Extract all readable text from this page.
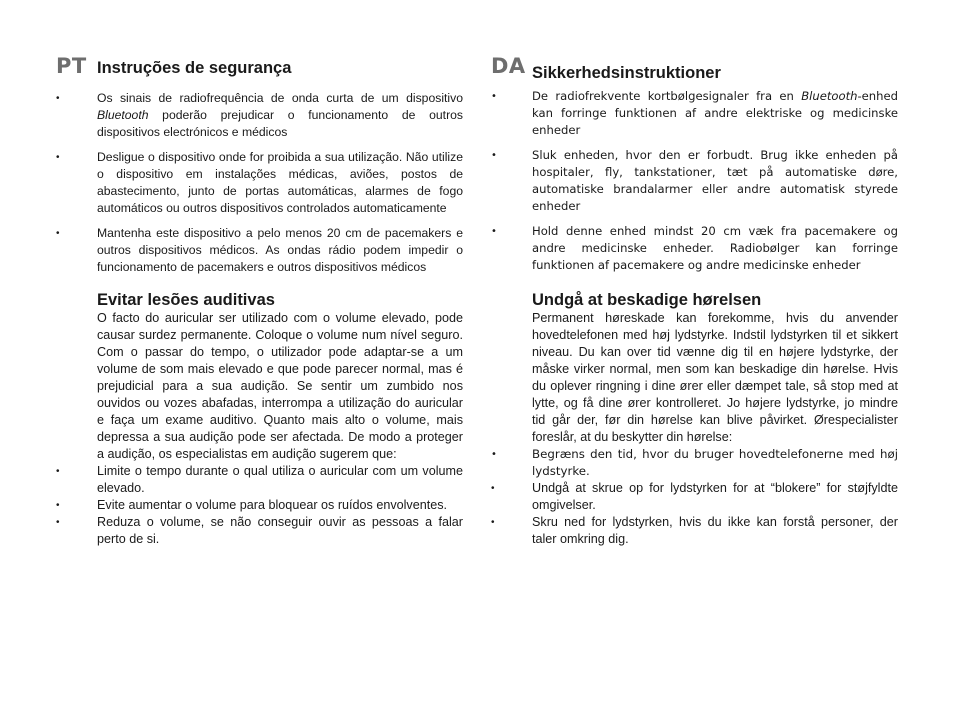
PT Instruções de segurança
•	Os sinais de radiofrequência de onda curta de um dispositivo Bluetooth poderão prejudicar o funcionamento de outros dispositivos electrónicos e médicos
•	Desligue o dispositivo onde for proibida a sua utilização. Não utilize o dispositivo em instalações médicas, aviões, postos de abastecimento, junto de portas automáticas, alarmes de fogo automáticos ou outros dispositivos controlados automaticamente
•	Mantenha este dispositivo a pelo menos 20 cm de pacemakers e outros dispositivos médicos. As ondas rádio podem impedir o funcionamento de pacemakers e outros dispositivos médicos
Evitar lesões auditivas
O facto do auricular ser utilizado com o volume elevado, pode causar surdez permanente. Coloque o volume num nível seguro. Com o passar do tempo, o utilizador pode adaptar-se a um volume de som mais elevado e que pode parecer normal, mas é prejudicial para a sua audição. Se sentir um zumbido nos ouvidos ou vozes abafadas, interrompa a utilização do auricular e faça um exame auditivo. Quanto mais alto o volume, mais depressa a sua audição pode ser afectada. De modo a proteger a audição, os especialistas em audição sugerem que:
•	Limite o tempo durante o qual utiliza o auricular com um volume elevado.
•	Evite aumentar o volume para bloquear os ruídos envolventes.
•	Reduza o volume, se não conseguir ouvir as pessoas a falar perto de si.
DA Sikkerhedsinstruktioner
•	De radiofrekvente kortbølgesignaler fra en Bluetooth-enhed kan forringe funktionen af andre elektriske og medicinske enheder
•	Sluk enheden, hvor den er forbudt. Brug ikke enheden på hospitaler, fly, tankstationer, tæt på automatiske døre, automatiske brandalarmer eller andre automatisk styrede enheder
•	Hold denne enhed mindst 20 cm væk fra pacemakere og andre medicinske enheder. Radiobølger kan forringe funktionen af pacemakere og andre medicinske enheder
Undgå at beskadige hørelsen
Permanent høreskade kan forekomme, hvis du anvender hovedtelefonen med høj lydstyrke. Indstil lydstyrken til et sikkert niveau. Du kan over tid vænne dig til en højere lydstyrke, der måske virker normal, men som kan beskadige din hørelse. Hvis du oplever ringning i dine ører eller dæmpet tale, så stop med at lytte, og få dine ører kontrolleret. Jo højere lydstyrke, jo mindre tid går der, før din hørelse kan blive påvirket. Ørespecialister foreslår, at du beskytter din hørelse:
•	Begræns den tid, hvor du bruger hovedtelefonerne med høj lydstyrke.
•	Undgå at skrue op for lydstyrken for at “blokere” for støjfyldte omgivelser.
•	Skru ned for lydstyrken, hvis du ikke kan forstå personer, der taler omkring dig.
